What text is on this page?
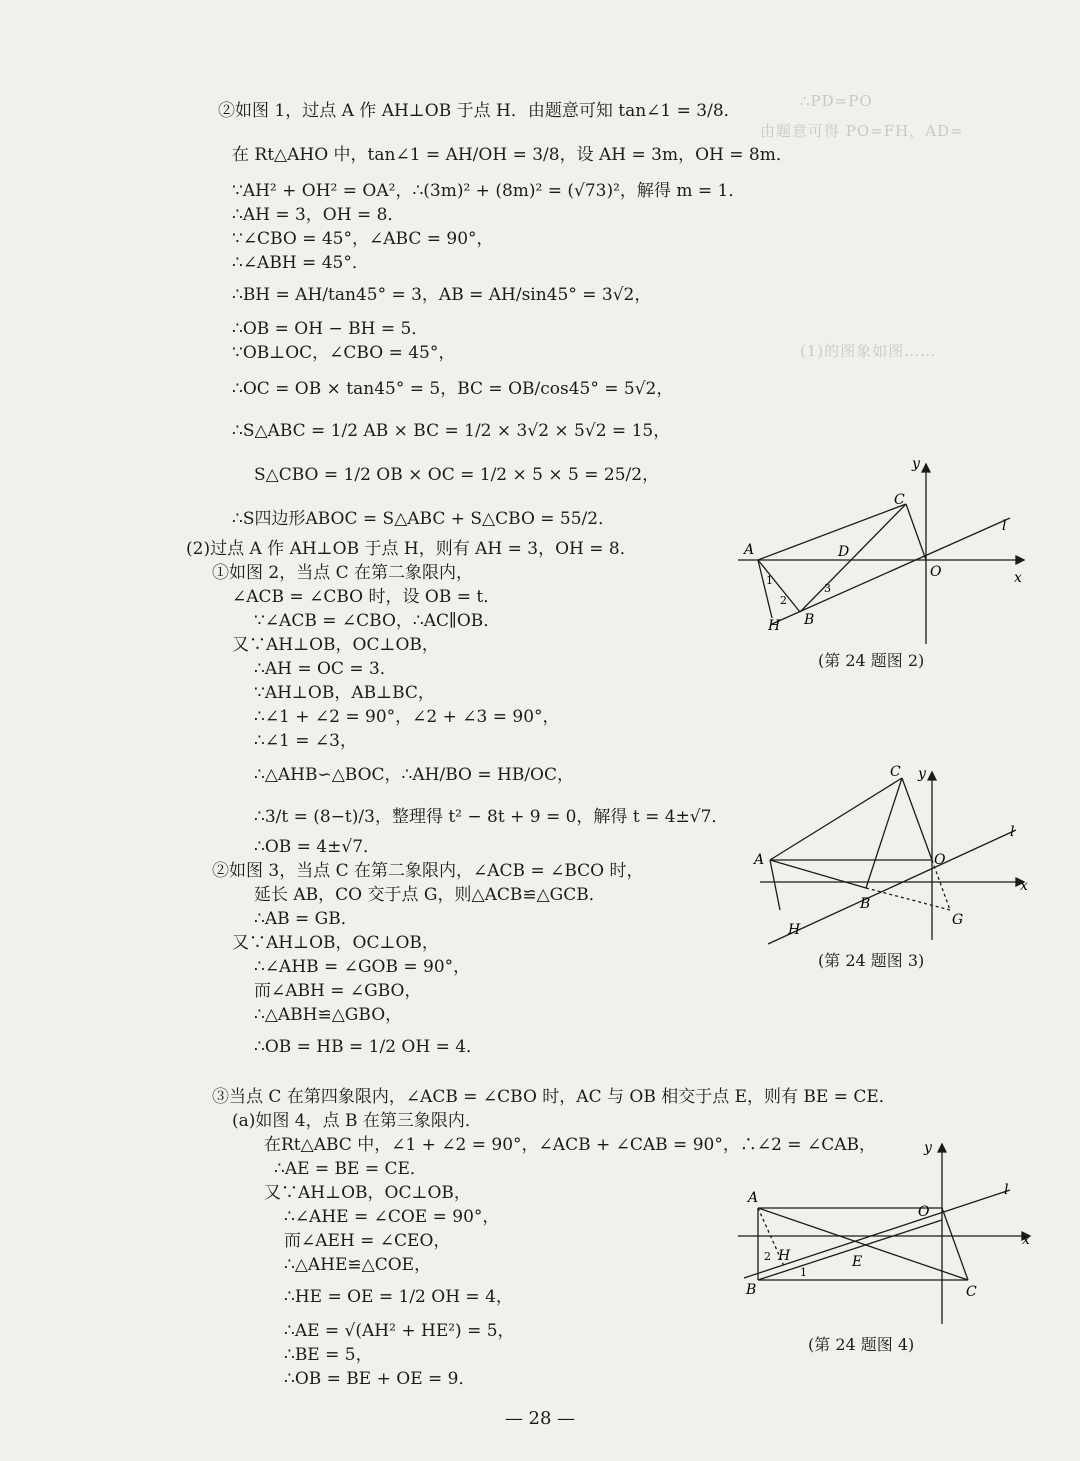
∴PD=PO
由题意可得 PO=FH，AD=
(1)的图象如图……
②如图 1，过点 A 作 AH⊥OB 于点 H．由题意可知 tan∠1 = 3/8．
在 Rt△AHO 中，tan∠1 = AH/OH = 3/8，设 AH = 3m，OH = 8m．
∵AH² + OH² = OA²，∴(3m)² + (8m)² = (√73)²，解得 m = 1．
∴AH = 3，OH = 8．
∵∠CBO = 45°，∠ABC = 90°，
∴∠ABH = 45°．
∴BH = AH/tan45° = 3，AB = AH/sin45° = 3√2，
∴OB = OH − BH = 5．
∵OB⊥OC，∠CBO = 45°，
∴OC = OB × tan45° = 5，BC = OB/cos45° = 5√2，
∴S△ABC = 1/2 AB × BC = 1/2 × 3√2 × 5√2 = 15，
S△CBO = 1/2 OB × OC = 1/2 × 5 × 5 = 25/2，
∴S四边形ABOC = S△ABC + S△CBO = 55/2．
(2)过点 A 作 AH⊥OB 于点 H，则有 AH = 3，OH = 8．
①如图 2，当点 C 在第二象限内，
∠ACB = ∠CBO 时，设 OB = t．
∵∠ACB = ∠CBO，∴AC∥OB．
又∵AH⊥OB，OC⊥OB，
∴AH = OC = 3．
∵AH⊥OB，AB⊥BC，
∴∠1 + ∠2 = 90°，∠2 + ∠3 = 90°，
∴∠1 = ∠3，
∴△AHB∽△BOC，∴AH/BO = HB/OC，
∴3/t = (8−t)/3，整理得 t² − 8t + 9 = 0，解得 t = 4±√7．
∴OB = 4±√7．
②如图 3，当点 C 在第二象限内，∠ACB = ∠BCO 时，
延长 AB，CO 交于点 G，则△ACB≌△GCB．
∴AB = GB．
又∵AH⊥OB，OC⊥OB，
∴∠AHB = ∠GOB = 90°，
而∠ABH = ∠GBO，
∴△ABH≌△GBO，
∴OB = HB = 1/2 OH = 4．
③当点 C 在第四象限内，∠ACB = ∠CBO 时，AC 与 OB 相交于点 E，则有 BE = CE．
(a)如图 4，点 B 在第三象限内．
在Rt△ABC 中，∠1 + ∠2 = 90°，∠ACB + ∠CAB = 90°，∴∠2 = ∠CAB，
∴AE = BE = CE．
又∵AH⊥OB，OC⊥OB，
∴∠AHE = ∠COE = 90°，
而∠AEH = ∠CEO，
∴△AHE≌△COE，
∴HE = OE = 1/2 OH = 4，
∴AE = √(AH² + HE²) = 5，
∴BE = 5，
∴OB = BE + OE = 9．
A
B
C
D
H
O	x
y
l
1
2
3
(第 24 题图 2)
A
B
C
G
H
O
x
y
l
(第 24 题图 3)
A
B	C
E
H
O
x
y
l
2
1
(第 24 题图 4)
— 28 —
